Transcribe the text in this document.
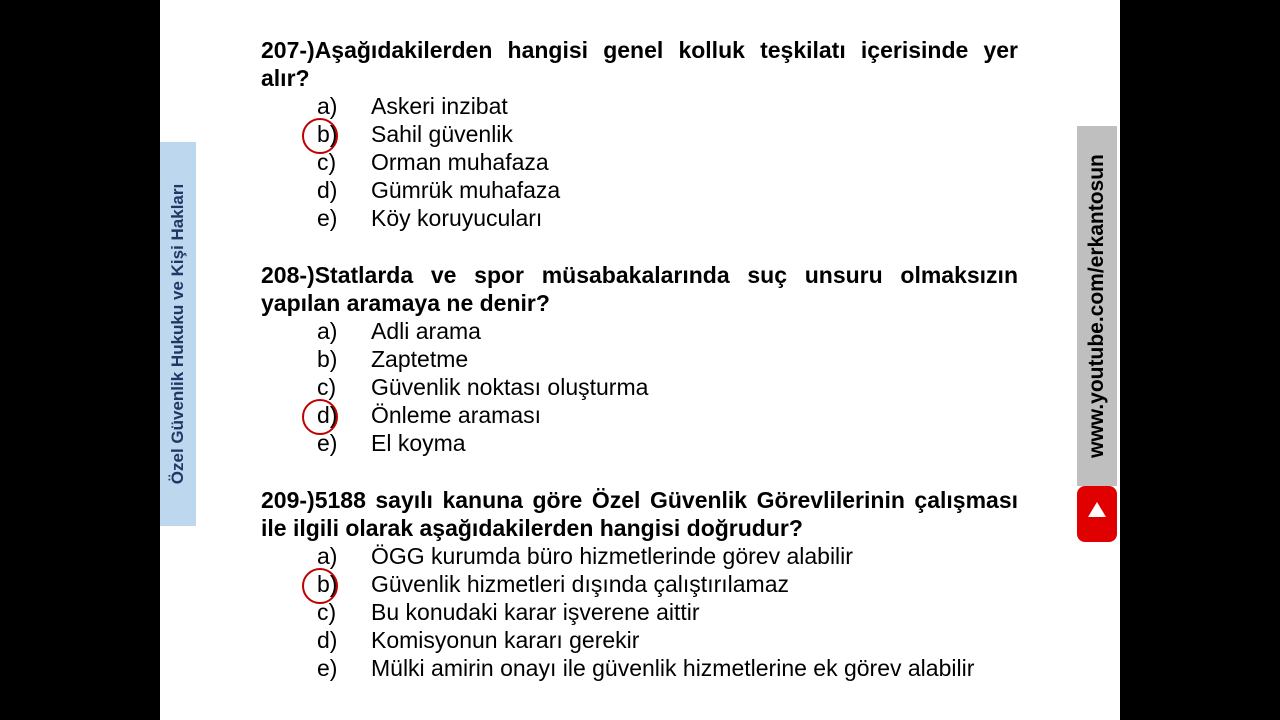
Özel Güvenlik Hukuku ve Kişi Hakları	www.youtube.com/erkantosun
207-)Aşağıdakilerden hangisi genel kolluk teşkilatı içerisinde yer alır?
a) Askeri inzibat
b) Sahil güvenlik
c) Orman muhafaza
d) Gümrük muhafaza
e) Köy koruyucuları
208-)Statlarda ve spor müsabakalarında suç unsuru olmaksızın yapılan aramaya ne denir?
a) Adli arama
b) Zaptetme
c) Güvenlik noktası oluşturma
d) Önleme araması
e) El koyma
209-)5188 sayılı kanuna göre Özel Güvenlik Görevlilerinin çalışması ile ilgili olarak aşağıdakilerden hangisi doğrudur?
a) ÖGG kurumda büro hizmetlerinde görev alabilir
b) Güvenlik hizmetleri dışında çalıştırılamaz
c) Bu konudaki karar işverene aittir
d) Komisyonun kararı gerekir
e) Mülki amirin onayı ile güvenlik hizmetlerine ek görev alabilir
